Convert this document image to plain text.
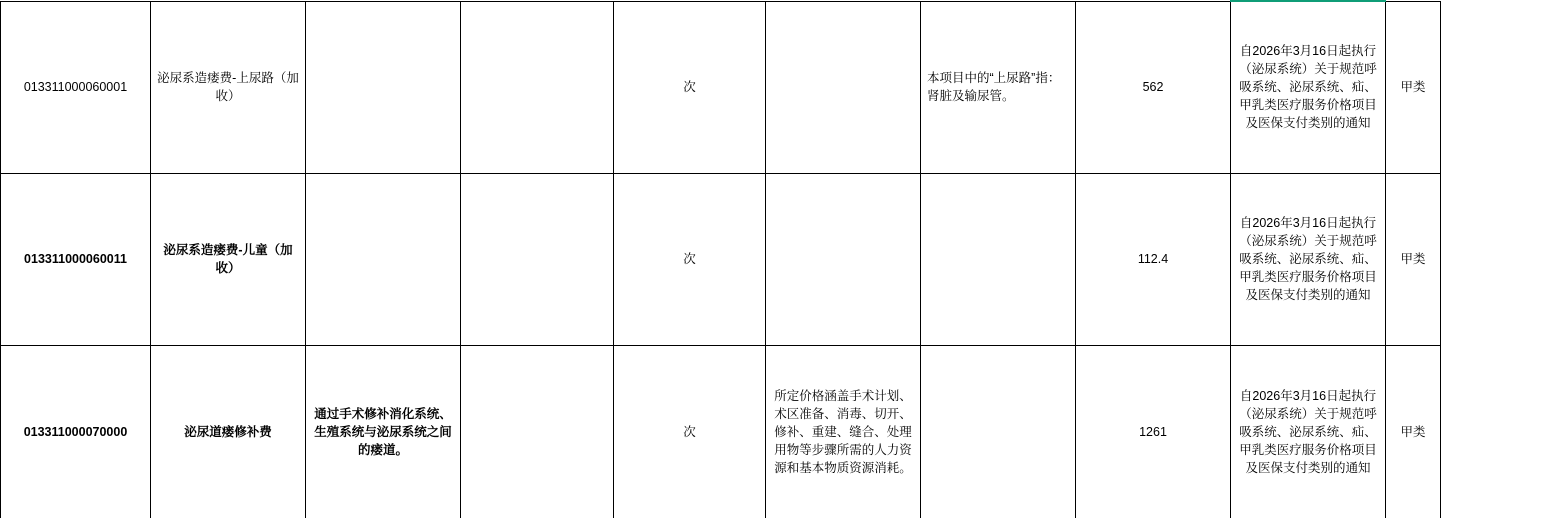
013311000060001	泌尿系造瘘费-上尿路（加收）			次		本项目中的“上尿路”指：肾脏及输尿管。	562	自2026年3月16日起执行（泌尿系统）关于规范呼吸系统、泌尿系统、疝、甲乳类医疗服务价格项目及医保支付类别的通知	甲类
013311000060011	泌尿系造瘘费-儿童（加收）			次			112.4	自2026年3月16日起执行（泌尿系统）关于规范呼吸系统、泌尿系统、疝、甲乳类医疗服务价格项目及医保支付类别的通知	甲类
013311000070000	泌尿道瘘修补费	通过手术修补消化系统、生殖系统与泌尿系统之间的瘘道。		次	所定价格涵盖手术计划、术区准备、消毒、切开、修补、重建、缝合、处理用物等步骤所需的人力资源和基本物质资源消耗。		1261	自2026年3月16日起执行（泌尿系统）关于规范呼吸系统、泌尿系统、疝、甲乳类医疗服务价格项目及医保支付类别的通知	甲类
